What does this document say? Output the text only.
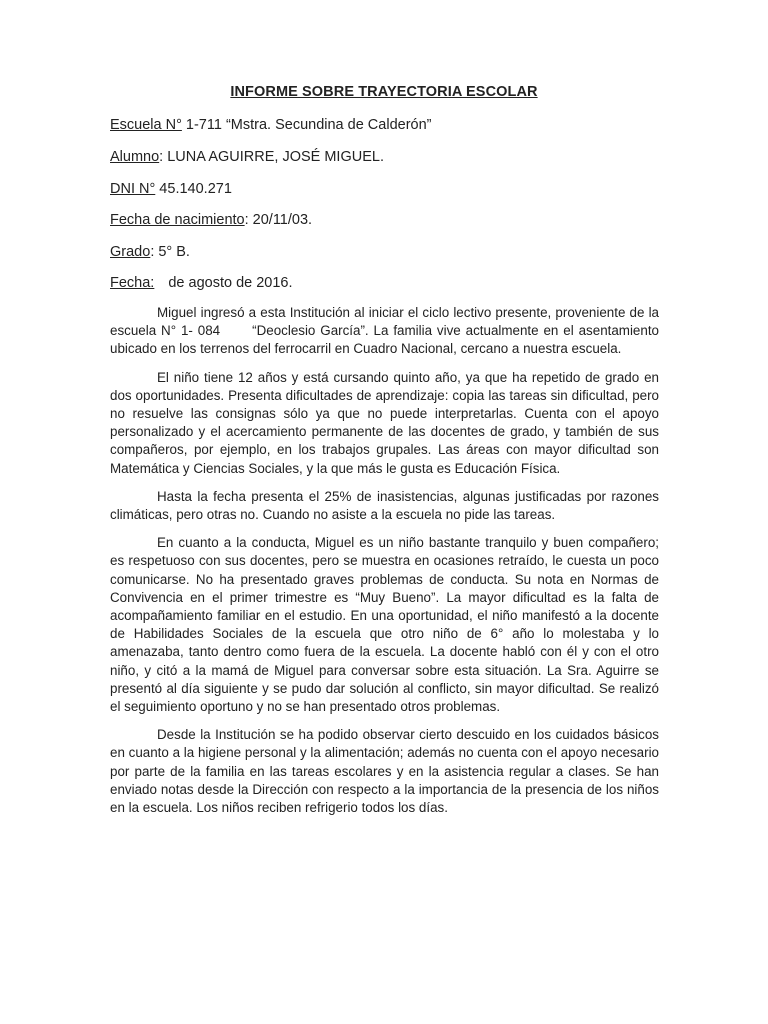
INFORME SOBRE TRAYECTORIA ESCOLAR
Escuela N° 1-711 “Mstra. Secundina de Calderón”
Alumno: LUNA AGUIRRE, JOSÉ MIGUEL.
DNI N° 45.140.271
Fecha de nacimiento: 20/11/03.
Grado: 5° B.
Fecha: de agosto de 2016.

Miguel ingresó a esta Institución al iniciar el ciclo lectivo presente, proveniente de la escuela N° 1- 084 “Deoclesio García”. La familia vive actualmente en el asentamiento ubicado en los terrenos del ferrocarril en Cuadro Nacional, cercano a nuestra escuela.

El niño tiene 12 años y está cursando quinto año, ya que ha repetido de grado en dos oportunidades. Presenta dificultades de aprendizaje: copia las tareas sin dificultad, pero no resuelve las consignas sólo ya que no puede interpretarlas. Cuenta con el apoyo personalizado y el acercamiento permanente de las docentes de grado, y también de sus compañeros, por ejemplo, en los trabajos grupales. Las áreas con mayor dificultad son Matemática y Ciencias Sociales, y la que más le gusta es Educación Física.

Hasta la fecha presenta el 25% de inasistencias, algunas justificadas por razones climáticas, pero otras no. Cuando no asiste a la escuela no pide las tareas.

En cuanto a la conducta, Miguel es un niño bastante tranquilo y buen compañero; es respetuoso con sus docentes, pero se muestra en ocasiones retraído, le cuesta un poco comunicarse. No ha presentado graves problemas de conducta. Su nota en Normas de Convivencia en el primer trimestre es “Muy Bueno”. La mayor dificultad es la falta de acompañamiento familiar en el estudio. En una oportunidad, el niño manifestó a la docente de Habilidades Sociales de la escuela que otro niño de 6° año lo molestaba y lo amenazaba, tanto dentro como fuera de la escuela. La docente habló con él y con el otro niño, y citó a la mamá de Miguel para conversar sobre esta situación. La Sra. Aguirre se presentó al día siguiente y se pudo dar solución al conflicto, sin mayor dificultad. Se realizó el seguimiento oportuno y no se han presentado otros problemas.

Desde la Institución se ha podido observar cierto descuido en los cuidados básicos en cuanto a la higiene personal y la alimentación; además no cuenta con el apoyo necesario por parte de la familia en las tareas escolares y en la asistencia regular a clases. Se han enviado notas desde la Dirección con respecto a la importancia de la presencia de los niños en la escuela. Los niños reciben refrigerio todos los días.
